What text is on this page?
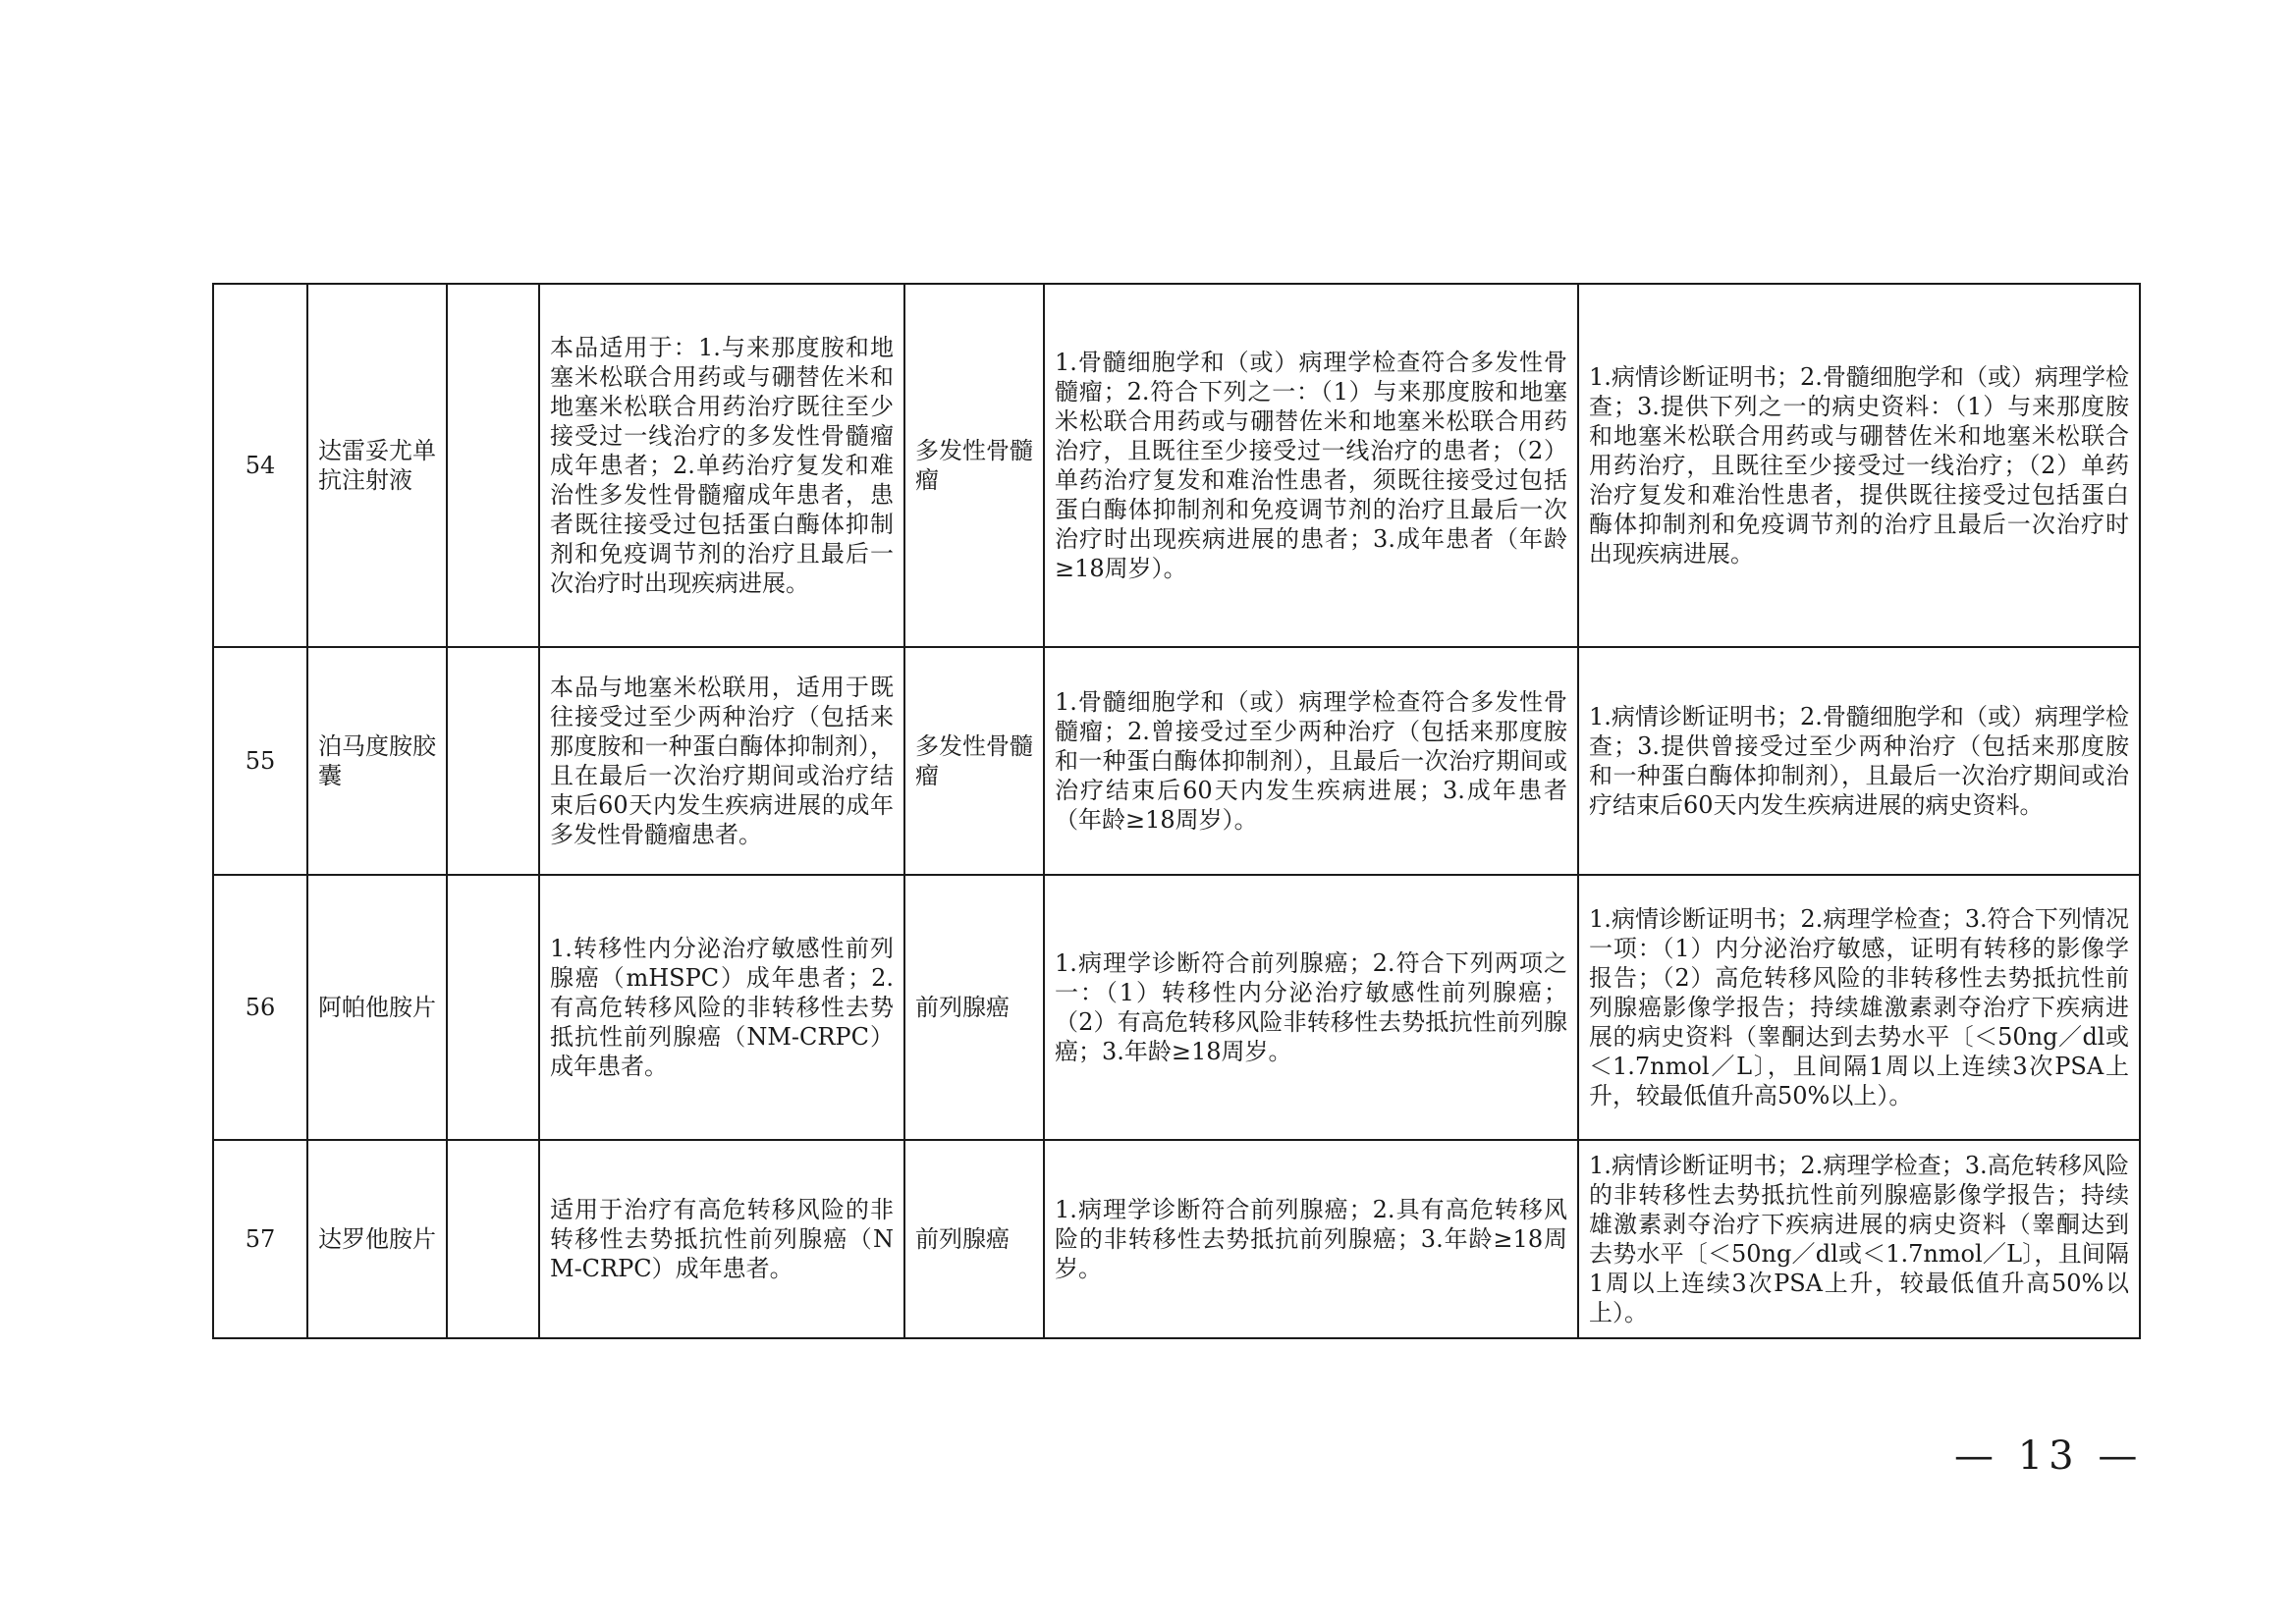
54	达雷妥尤单抗注射液		本品适用于：1.与来那度胺和地塞米松联合用药或与硼替佐米和地塞米松联合用药治疗既往至少接受过一线治疗的多发性骨髓瘤成年患者；2.单药治疗复发和难治性多发性骨髓瘤成年患者，患者既往接受过包括蛋白酶体抑制剂和免疫调节剂的治疗且最后一次治疗时出现疾病进展。	多发性骨髓瘤	1.骨髓细胞学和（或）病理学检查符合多发性骨髓瘤；2.符合下列之一：（1）与来那度胺和地塞米松联合用药或与硼替佐米和地塞米松联合用药治疗，且既往至少接受过一线治疗的患者；（2）单药治疗复发和难治性患者，须既往接受过包括蛋白酶体抑制剂和免疫调节剂的治疗且最后一次治疗时出现疾病进展的患者；3.成年患者（年龄≥18周岁）。	1.病情诊断证明书；2.骨髓细胞学和（或）病理学检查；3.提供下列之一的病史资料：（1）与来那度胺和地塞米松联合用药或与硼替佐米和地塞米松联合用药治疗，且既往至少接受过一线治疗；（2）单药治疗复发和难治性患者，提供既往接受过包括蛋白酶体抑制剂和免疫调节剂的治疗且最后一次治疗时出现疾病进展。
55	泊马度胺胶囊		本品与地塞米松联用，适用于既往接受过至少两种治疗（包括来那度胺和一种蛋白酶体抑制剂），且在最后一次治疗期间或治疗结束后60天内发生疾病进展的成年多发性骨髓瘤患者。	多发性骨髓瘤	1.骨髓细胞学和（或）病理学检查符合多发性骨髓瘤；2.曾接受过至少两种治疗（包括来那度胺和一种蛋白酶体抑制剂），且最后一次治疗期间或治疗结束后60天内发生疾病进展；3.成年患者（年龄≥18周岁）。	1.病情诊断证明书；2.骨髓细胞学和（或）病理学检查；3.提供曾接受过至少两种治疗（包括来那度胺和一种蛋白酶体抑制剂），且最后一次治疗期间或治疗结束后60天内发生疾病进展的病史资料。
56	阿帕他胺片		1.转移性内分泌治疗敏感性前列腺癌（mHSPC）成年患者；2.有高危转移风险的非转移性去势抵抗性前列腺癌（NM-CRPC）成年患者。	前列腺癌	1.病理学诊断符合前列腺癌；2.符合下列两项之一：（1）转移性内分泌治疗敏感性前列腺癌；（2）有高危转移风险非转移性去势抵抗性前列腺癌；3.年龄≥18周岁。	1.病情诊断证明书；2.病理学检查；3.符合下列情况一项：（1）内分泌治疗敏感，证明有转移的影像学报告；（2）高危转移风险的非转移性去势抵抗性前列腺癌影像学报告；持续雄激素剥夺治疗下疾病进展的病史资料（睾酮达到去势水平〔＜50ng／dl或＜1.7nmol／L〕，且间隔1周以上连续3次PSA上升，较最低值升高50%以上）。
57	达罗他胺片		适用于治疗有高危转移风险的非转移性去势抵抗性前列腺癌（NM-CRPC）成年患者。	前列腺癌	1.病理学诊断符合前列腺癌；2.具有高危转移风险的非转移性去势抵抗前列腺癌；3.年龄≥18周岁。	1.病情诊断证明书；2.病理学检查；3.高危转移风险的非转移性去势抵抗性前列腺癌影像学报告；持续雄激素剥夺治疗下疾病进展的病史资料（睾酮达到去势水平〔＜50ng／dl或＜1.7nmol／L〕，且间隔1周以上连续3次PSA上升，较最低值升高50%以上）。
— 13 —
